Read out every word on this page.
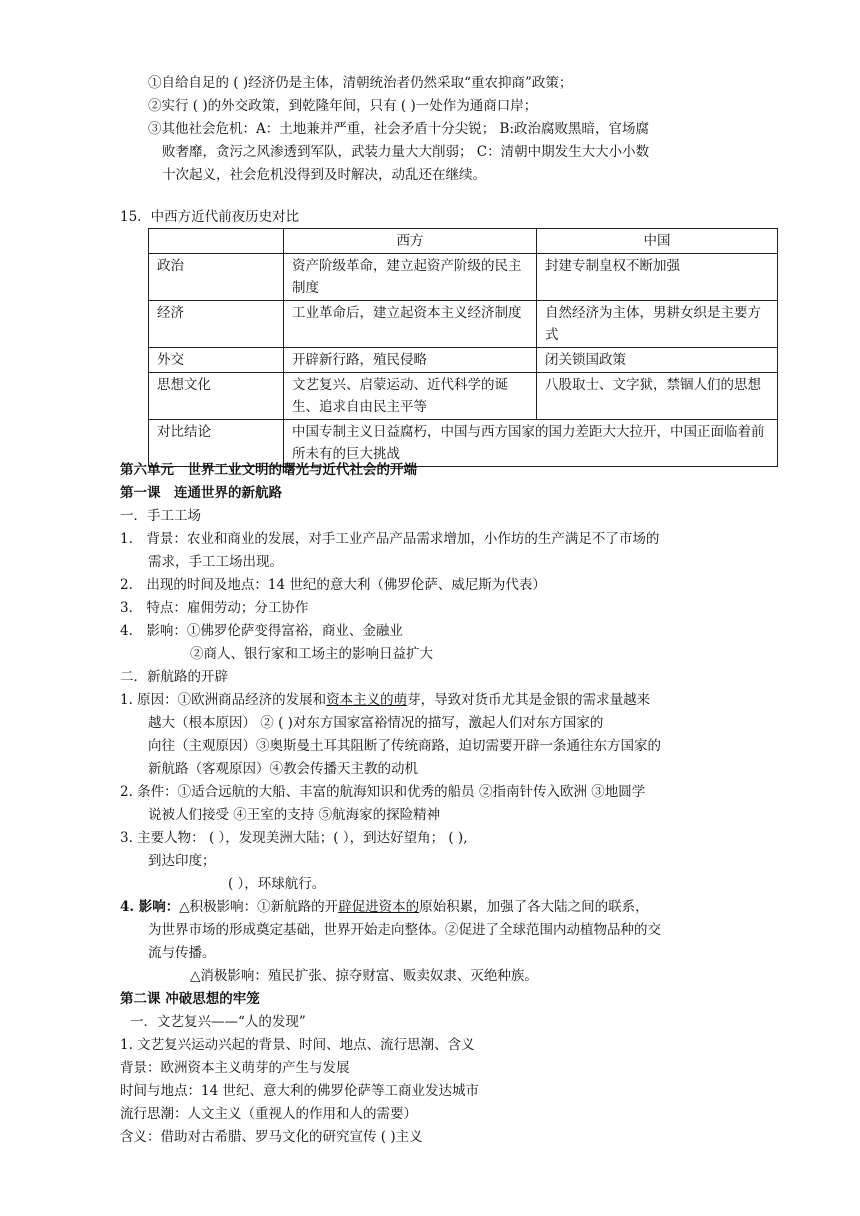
①自给自足的 ( )经济仍是主体，清朝统治者仍然采取“重农抑商”政策；
②实行 ( )的外交政策，到乾隆年间，只有 ( )一处作为通商口岸；
③其他社会危机：A：土地兼并严重，社会矛盾十分尖锐； B:政治腐败黑暗，官场腐
败奢靡，贪污之风渗透到军队，武装力量大大削弱； C：清朝中期发生大大小小数
十次起义，社会危机没得到及时解决，动乱还在继续。
15．中西方近代前夜历史对比
	西方	中国
政治	资产阶级革命，建立起资产阶级的民主制度	封建专制皇权不断加强
经济	工业革命后，建立起资本主义经济制度	自然经济为主体，男耕女织是主要方式
外交	开辟新行路，殖民侵略	闭关锁国政策
思想文化	文艺复兴、启蒙运动、近代科学的诞生、追求自由民主平等	八股取士、文字狱，禁锢人们的思想
对比结论	中国专制主义日益腐朽，中国与西方国家的国力差距大大拉开，中国正面临着前所未有的巨大挑战	
第六单元　世界工业文明的曙光与近代社会的开端
第一课　连通世界的新航路
一．手工工场
1． 背景：农业和商业的发展，对手工业产品产品需求增加，小作坊的生产满足不了市场的
需求，手工工场出现。
2． 出现的时间及地点：14 世纪的意大利（佛罗伦萨、威尼斯为代表）
3． 特点：雇佣劳动；分工协作
4． 影响：①佛罗伦萨变得富裕，商业、金融业
②商人、银行家和工场主的影响日益扩大
二．新航路的开辟
1. 原因：①欧洲商品经济的发展和资本主义的萌芽，导致对货币尤其是金银的需求量越来
越大（根本原因） ② ( )对东方国家富裕情况的描写，激起人们对东方国家的
向往（主观原因）③奥斯曼土耳其阻断了传统商路，迫切需要开辟一条通往东方国家的
新航路（客观原因）④教会传播天主教的动机
2. 条件：①适合远航的大船、丰富的航海知识和优秀的船员 ②指南针传入欧洲 ③地圆学
说被人们接受 ④王室的支持 ⑤航海家的探险精神
3. 主要人物： ( ），发现美洲大陆；( ），到达好望角； ( ),
到达印度；
( ），环球航行。
4. 影响：△积极影响：①新航路的开辟促进资本的原始积累，加强了各大陆之间的联系，
为世界市场的形成奠定基础，世界开始走向整体。②促进了全球范围内动植物品种的交
流与传播。
△消极影响：殖民扩张、掠夺财富、贩卖奴隶、灭绝种族。
第二课 冲破思想的牢笼
一．文艺复兴——“人的发现”
1. 文艺复兴运动兴起的背景、时间、地点、流行思潮、含义
背景：欧洲资本主义萌芽的产生与发展
时间与地点：14 世纪、意大利的佛罗伦萨等工商业发达城市
流行思潮：人文主义（重视人的作用和人的需要）
含义：借助对古希腊、罗马文化的研究宣传 ( )主义
